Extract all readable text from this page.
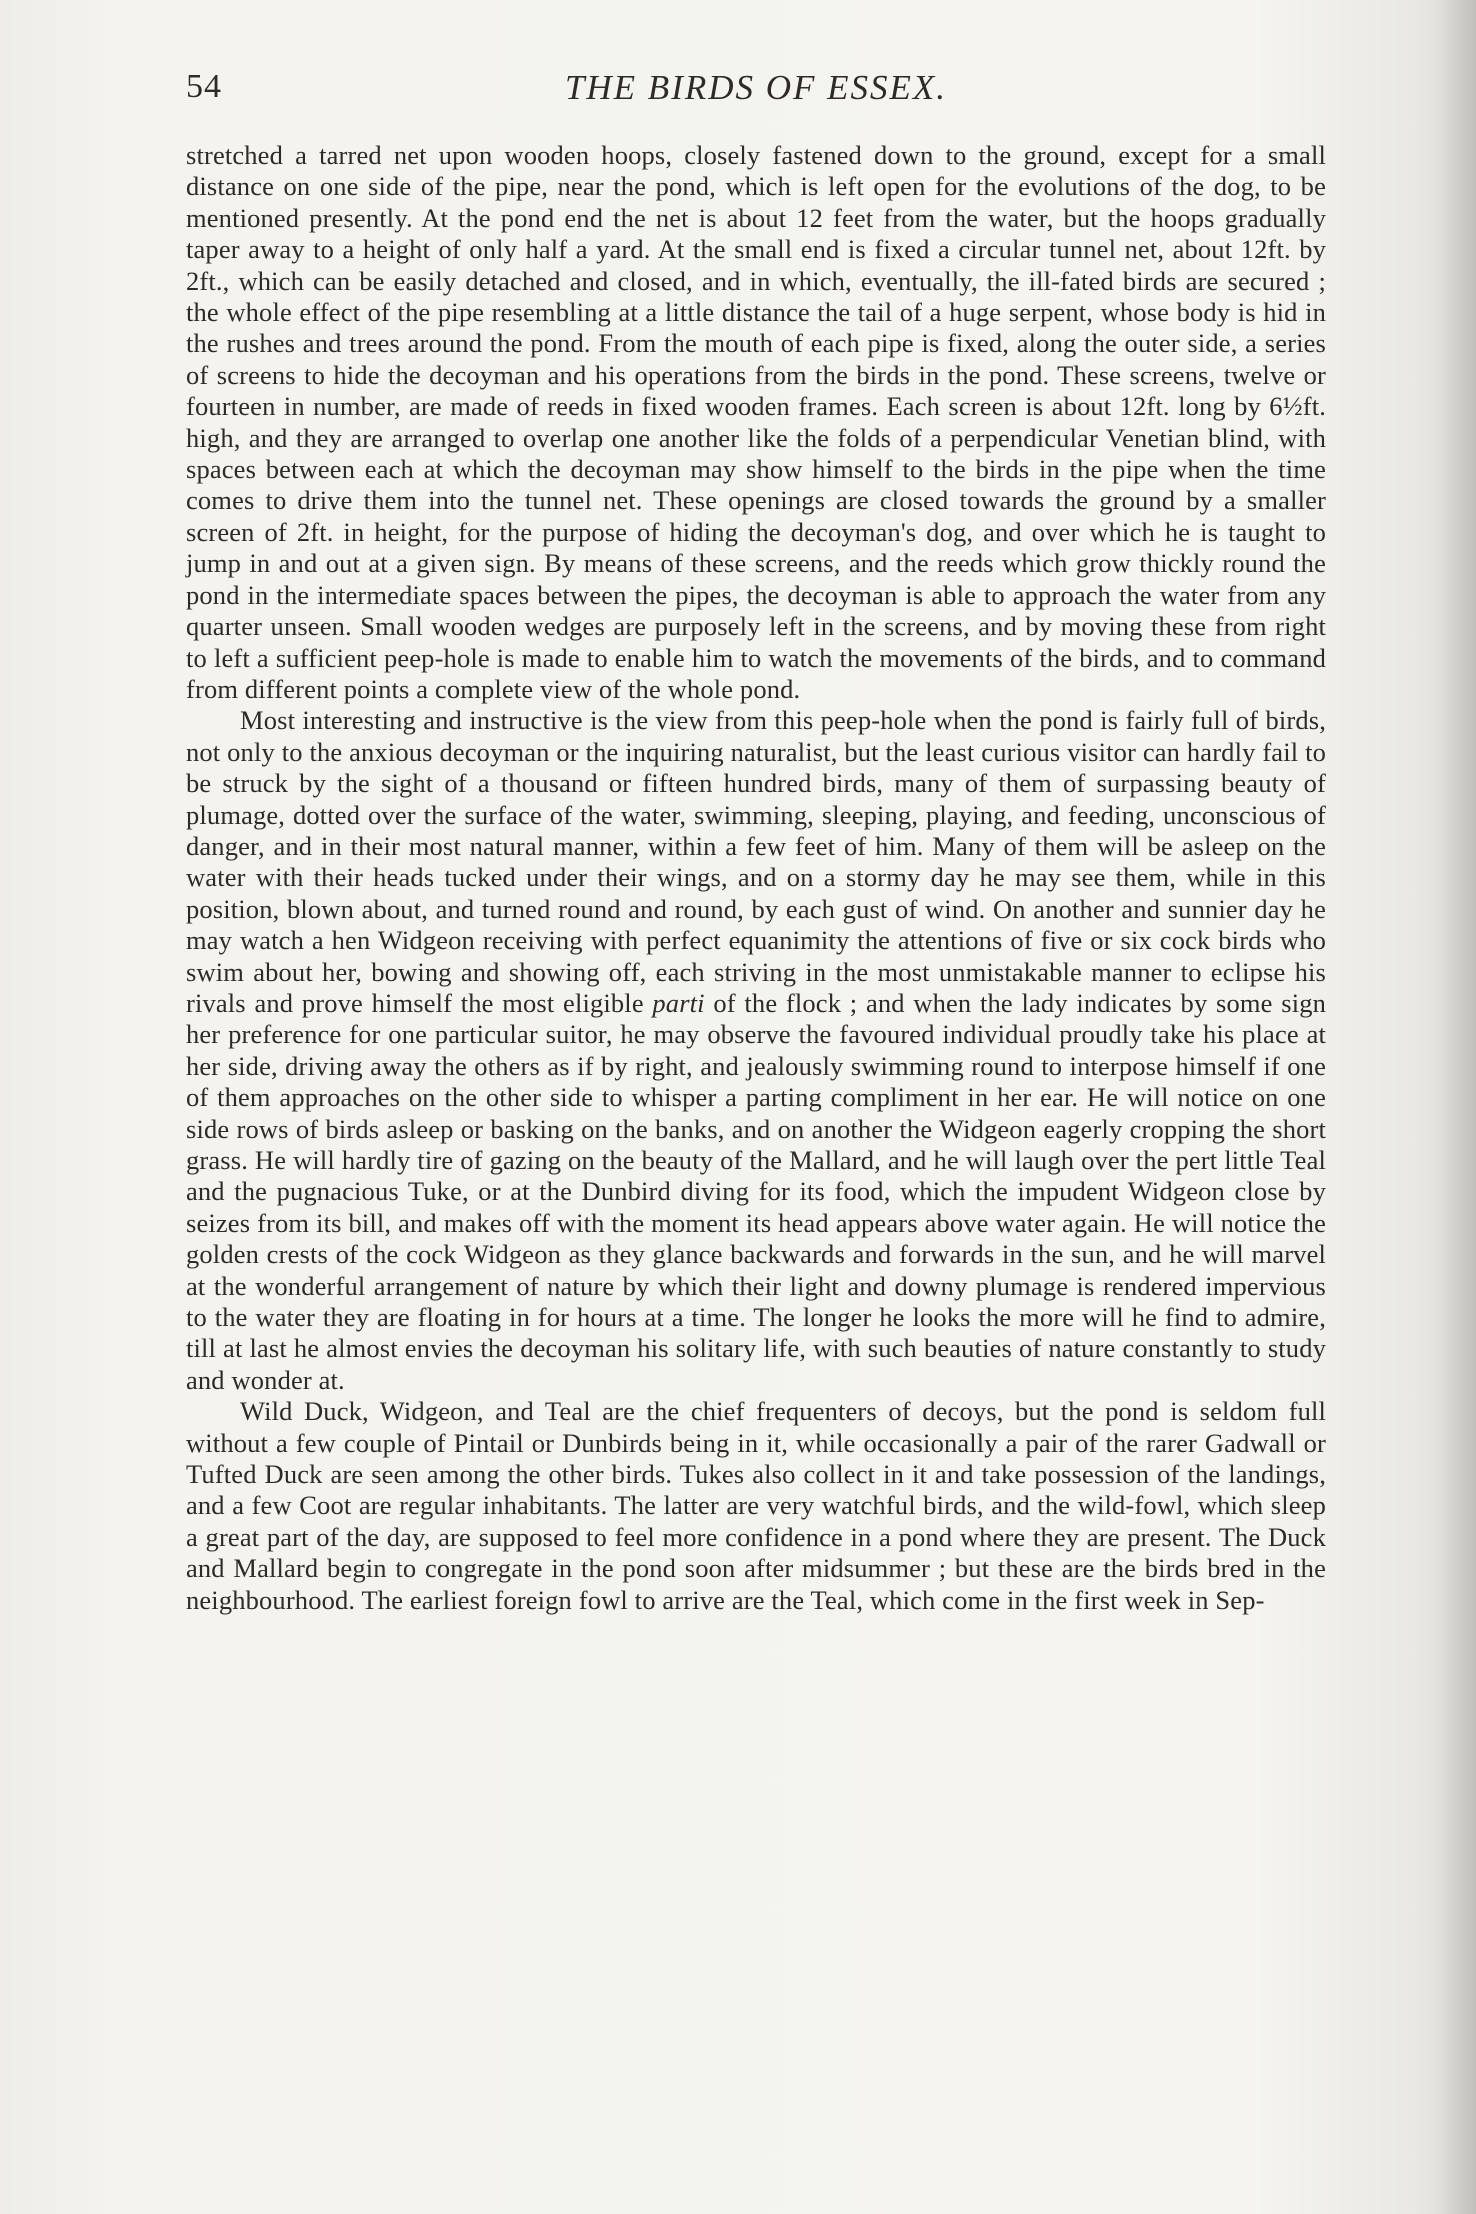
54	THE BIRDS OF ESSEX.

stretched a tarred net upon wooden hoops, closely fastened down to the ground, except for a small distance on one side of the pipe, near the pond, which is left open for the evolutions of the dog, to be mentioned presently. At the pond end the net is about 12 feet from the water, but the hoops gradually taper away to a height of only half a yard. At the small end is fixed a circular tunnel net, about 12ft. by 2ft., which can be easily detached and closed, and in which, eventually, the ill-fated birds are secured ; the whole effect of the pipe resembling at a little distance the tail of a huge serpent, whose body is hid in the rushes and trees around the pond. From the mouth of each pipe is fixed, along the outer side, a series of screens to hide the decoyman and his operations from the birds in the pond. These screens, twelve or fourteen in number, are made of reeds in fixed wooden frames. Each screen is about 12ft. long by 6½ft. high, and they are arranged to overlap one another like the folds of a perpendicular Venetian blind, with spaces between each at which the decoyman may show himself to the birds in the pipe when the time comes to drive them into the tunnel net. These openings are closed towards the ground by a smaller screen of 2ft. in height, for the purpose of hiding the decoyman's dog, and over which he is taught to jump in and out at a given sign. By means of these screens, and the reeds which grow thickly round the pond in the intermediate spaces between the pipes, the decoyman is able to approach the water from any quarter unseen. Small wooden wedges are purposely left in the screens, and by moving these from right to left a sufficient peep-hole is made to enable him to watch the movements of the birds, and to command from different points a complete view of the whole pond.

Most interesting and instructive is the view from this peep-hole when the pond is fairly full of birds, not only to the anxious decoyman or the inquiring naturalist, but the least curious visitor can hardly fail to be struck by the sight of a thousand or fifteen hundred birds, many of them of surpassing beauty of plumage, dotted over the surface of the water, swimming, sleeping, playing, and feeding, unconscious of danger, and in their most natural manner, within a few feet of him. Many of them will be asleep on the water with their heads tucked under their wings, and on a stormy day he may see them, while in this position, blown about, and turned round and round, by each gust of wind. On another and sunnier day he may watch a hen Widgeon receiving with perfect equanimity the attentions of five or six cock birds who swim about her, bowing and showing off, each striving in the most unmistakable manner to eclipse his rivals and prove himself the most eligible parti of the flock ; and when the lady indicates by some sign her preference for one particular suitor, he may observe the favoured individual proudly take his place at her side, driving away the others as if by right, and jealously swimming round to interpose himself if one of them approaches on the other side to whisper a parting compliment in her ear. He will notice on one side rows of birds asleep or basking on the banks, and on another the Widgeon eagerly cropping the short grass. He will hardly tire of gazing on the beauty of the Mallard, and he will laugh over the pert little Teal and the pugnacious Tuke, or at the Dunbird diving for its food, which the impudent Widgeon close by seizes from its bill, and makes off with the moment its head appears above water again. He will notice the golden crests of the cock Widgeon as they glance backwards and forwards in the sun, and he will marvel at the wonderful arrangement of nature by which their light and downy plumage is rendered impervious to the water they are floating in for hours at a time. The longer he looks the more will he find to admire, till at last he almost envies the decoyman his solitary life, with such beauties of nature constantly to study and wonder at.

Wild Duck, Widgeon, and Teal are the chief frequenters of decoys, but the pond is seldom full without a few couple of Pintail or Dunbirds being in it, while occasionally a pair of the rarer Gadwall or Tufted Duck are seen among the other birds. Tukes also collect in it and take possession of the landings, and a few Coot are regular inhabitants. The latter are very watchful birds, and the wild-fowl, which sleep a great part of the day, are supposed to feel more confidence in a pond where they are present. The Duck and Mallard begin to congregate in the pond soon after midsummer ; but these are the birds bred in the neighbourhood. The earliest foreign fowl to arrive are the Teal, which come in the first week in Sep-
